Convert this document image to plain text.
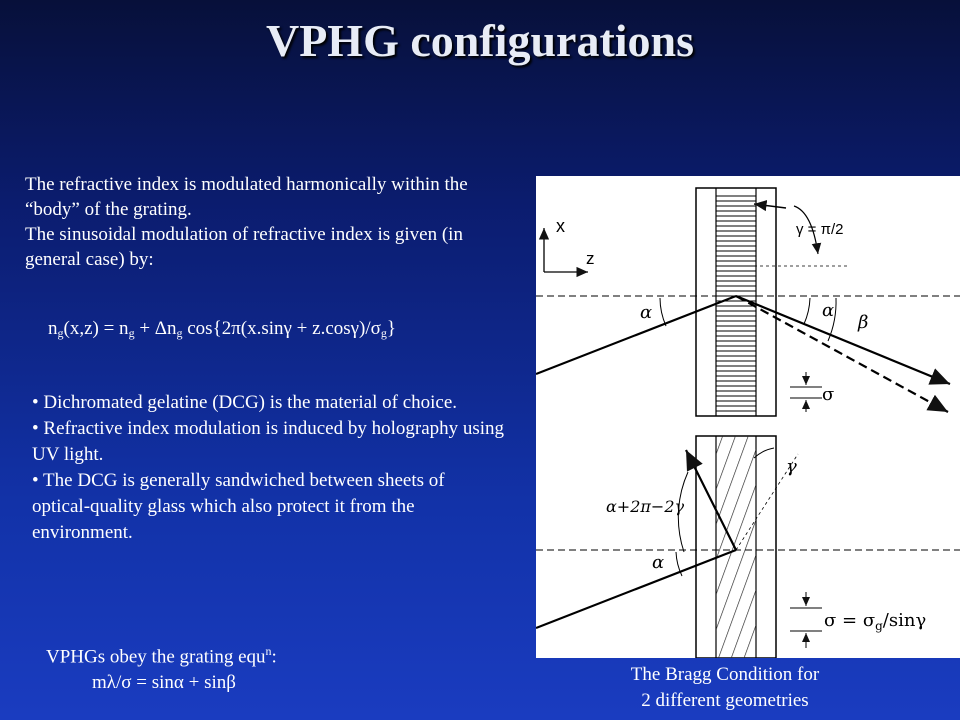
VPHG configurations
The refractive index is modulated harmonically within the “body” of the grating.
The sinusoidal modulation of refractive index is given (in general case) by:
$n_g(x,z) = n_g + \Delta n_g$ $\cos\{2\pi(x.\sin\gamma + z.\cos\gamma)/\sigma_g\}$

• Dichromated gelatine (DCG) is the material of choice.

• Refractive index modulation is induced by holography using UV light.

• The DCG is generally sandwiched between sheets of optical-quality glass which also protect it from the environment.

VPHGs obey the grating equ$^n$:
mλ/σ = sinα + sinβ
x
z
γ = π/2
α	α
β
σ
γ
α
α+2π−2γ
$\sigma = \sigma_g$/sinγ
The Bragg Condition for
2 different geometries
